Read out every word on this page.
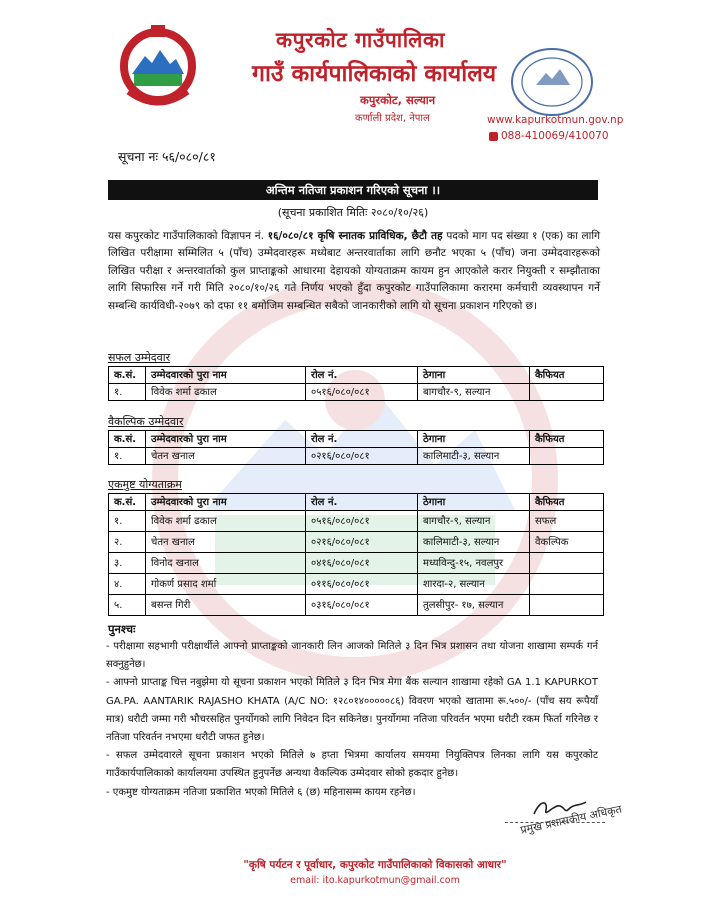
कपुरकोट गाउँपालिका
गाउँ कार्यपालिकाको कार्यालय
कपुरकोट, सल्यान
कर्णाली प्रदेश, नेपाल	www.kapurkotmun.gov.np
088-410069/410070
सूचना नः ५६/०८०/८१
अन्तिम नतिजा प्रकाशन गरिएको सूचना ।।
(सूचना प्रकाशित मितिः २०८०/१०/२६)
यस कपुरकोट गाउँपालिकाको विज्ञापन नं. १६/०८०/८१ कृषि स्नातक प्राविधिक, छैटौ तह पदको माग पद संख्या १ (एक) का लागि लिखित परीक्षामा सम्मिलित ५ (पाँच) उम्मेदवारहरू मध्येबाट अन्तरवार्ताका लागि छनौट भएका ५ (पाँच) जना उम्मेदवारहरूको लिखित परीक्षा र अन्तरवार्ताको कुल प्राप्ताङ्कको आधारमा देहायको योग्यताक्रम कायम हुन आएकोले करार नियुक्ती र सम्झौताका लागि सिफारिस गर्ने गरी मिति २०८०/१०/२६ गते निर्णय भएको हुँदा कपुरकोट गाउँपालिकामा करारमा कर्मचारी व्यवस्थापन गर्ने सम्बन्धि कार्यविधी-२०७९ को दफा ११ बमोजिम सम्बन्धित सबैको जानकारीको लागि यो सूचना प्रकाशन गरिएको छ।
सफल उम्मेदवार
क.सं.	उम्मेदवारको पुरा नाम	रोल नं.	ठेगाना	कैफियत
१.	विवेक शर्मा ढकाल	०५१६/०८०/०८१	बागचौर-९, सल्यान	
वैकल्पिक उम्मेदवार
क.सं.	उम्मेदवारको पुरा नाम	रोल नं.	ठेगाना	कैफियत
१.	चेतन खनाल	०२१६/०८०/०८१	कालिमाटी-३, सल्यान	
एकमुष्ट योग्यताक्रम
क.सं.	उम्मेदवारको पुरा नाम	रोल नं.	ठेगाना	कैफियत
१.	विवेक शर्मा ढकाल	०५१६/०८०/०८१	बागचौर-९, सल्यान	सफल
२.	चेतन खनाल	०२१६/०८०/०८१	कालिमाटी-३, सल्यान	वैकल्पिक
३.	विनोद खनाल	०४१६/०८०/०८१	मध्यविन्दु-१५, नवलपुर	
४.	गोकर्ण प्रसाद शर्मा	०११६/०८०/०८१	शारदा-२, सल्यान	
५.	बसन्त गिरी	०३१६/०८०/०८१	तुलसीपुर- १७, सल्यान	
पुनश्चः
- परीक्षामा सहभागी परीक्षार्थीले आफ्नो प्राप्ताङ्कको जानकारी लिन आजको मितिले ३ दिन भित्र प्रशासन तथा योजना शाखामा सम्पर्क गर्न सक्नुहुनेछ।
- आफ्नो प्राप्ताङ्क चित्त नबुझेमा यो सूचना प्रकाशन भएको मितिले ३ दिन भित्र मेगा बैंक सल्यान शाखामा रहेको GA 1.1 KAPURKOT GA.PA. AANTARIK RAJASHO KHATA (A/C NO: १२८०१४०००००८६) विवरण भएको खातामा रू.५००/- (पाँच सय रूपैयाँ मात्र) धरौटी जम्मा गरी भौचरसहित पुनर्योगको लागि निवेदन दिन सकिनेछ। पुनर्योगमा नतिजा परिवर्तन भएमा धरौटी रकम फिर्ता गरिनेछ र नतिजा परिवर्तन नभएमा धरौटी जफत हुनेछ।
- सफल उम्मेदवारले सूचना प्रकाशन भएको मितिले ७ हप्ता भित्रमा कार्यालय समयमा नियुक्तिपत्र लिनका लागि यस कपुरकोट गाउँकार्यपालिकाको कार्यालयमा उपस्थित हुनुपर्नेछ अन्यथा वैकल्पिक उम्मेदवार सोको हकदार हुनेछ।
- एकमुष्ट योग्यताक्रम नतिजा प्रकाशित भएको मितिले ६ (छ) महिनासम्म कायम रहनेछ।
प्रमुख प्रशासकीय अधिकृत
"कृषि पर्यटन र पूर्वाधार, कपुरकोट गाउँपालिकाको विकासको आधार"
email: ito.kapurkotmun@gmail.com
